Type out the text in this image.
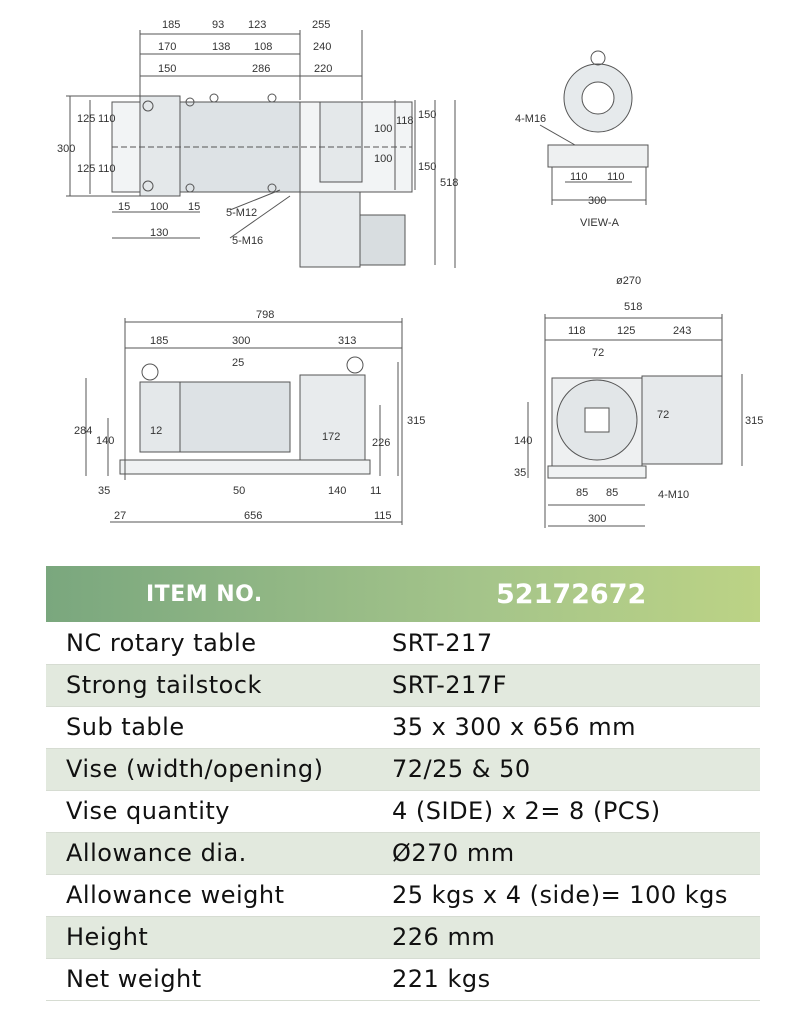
185	93 123	255
170	138 108	240
150	286	220
300
125
125
110
110
100
118 150
100
150
518
15 100 15
130
5-M12
5-M16
4-M16
110 110
300
VIEW-A
798
185	300	313
25
284
140
12
35
172	226
315
50	140 11
27	656	115
ø270
518
118	125	243
72
72	315
140
35
85 85
300
4-M10
ITEM NO.	52172672
NC rotary table	SRT-217
Strong tailstock	SRT-217F
Sub table	35 x 300 x 656 mm
Vise (width/opening)	72/25 & 50
Vise quantity	4 (SIDE) x 2= 8 (PCS)
Allowance dia.	Ø270 mm
Allowance weight	25 kgs x 4 (side)= 100 kgs
Height	226 mm
Net weight	221 kgs
